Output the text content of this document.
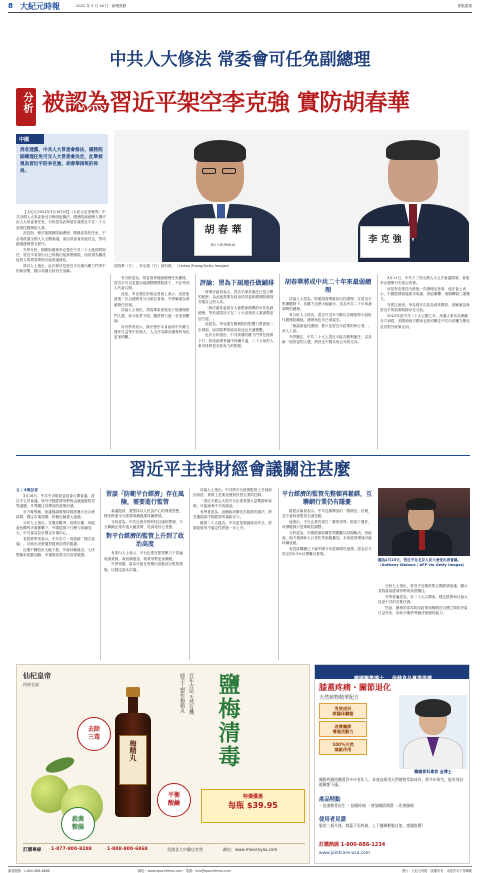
8 大紀元時報	2022 年 3 月 16 日 · 新聞焦點	焦點透視
中共人大修法 常委會可任免副總理
分析 被認為習近平架空李克強 實防胡春華
中國
消息透露，中共人大常委會修法，國務院副總理任免可交人大常委會決定，此舉被視為習近平防李克強、胡春華接班的佈局。
胡 春 華
HU CHUNHUA	李 克 強
胡春華（左）、李克強（右）資料照。（Lintao Zhang/Getty Images）

【大紀元2022年3月16日訊】（大紀元記者報導）中共全國人大常委會近日修改組織法，國務院副總理人選可由人大常委會任免，分析認為此舉意在讓習近平在二十大前掌控國務院人事。

消息指，修法後國務院副總理、國務委員的任免，不必再經過全國人大全體會議，而由常委會直接決定，等同繞過總理提名程序。

外界分析，國務院總理李克強在中共二十大後即將卸任，習近平希望由自己的親信接掌國務院，而被視為團派接班人的胡春華則可能被邊緣化。

時評人士指出，此次修法是習近平在黨內權力鬥爭中的新部署，顯示高層分歧仍在加劇。

有分析認為，常委會掌握副總理任免權後，習近平可以更靈活地調整國務院班子，不必等到人代會召開。

此前，李克強在兩會記者會上表示，這是他最後一次以總理身分出席記者會，外界解讀為明確卸任信號。

評論人士指出，胡春華原被視為下屆總理熱門人選，如今前景不明，團派勢力進一步受到壓縮。

另有學者表示，修法程序本身說明中共權力運作日益集中於個人，人大作為橡皮圖章的角色更加明顯。

評論：習為下屆連任做鋪排

時事評論員表示，習近平謀求連任已是公開的秘密，為此他需要在政治局常委和國務院層面安插自己的人馬。

「修法讓常委會在大會閉會期間即可任免副總理，等於讓習近平在二十大前後的人事調整更加方便。」

他認為，李克強在國務院的影響力將被進一步削弱，而胡春華的政治前途也充滿變數。

也有分析指出，中共高層的權力鬥爭在經濟下行、防疫政策爭議中持續升溫，二十大前的人事安排將是各派角力的焦點。

胡春華將成中共二十年來最弱總理

評論人士認為，即便胡春華最終出任總理，在習近平集權體制下，其權力也將大幅縮水，成為中共二十年來最弱勢的總理。

有分析人士指出，習近平近年不斷以各種領導小組取代國務院職能，總理角色早已被架空。

「無論誰接任總理，都只是習近平政策的執行者。」該人士說。

外界關注，中共二十大上習近平能否順利連任，以及新一屆常委的人選，將決定中國未來五年的走向。

3月11日，中共十三屆全國人大五次會議閉幕，會後李克強舉行年度記者會。

這是李克強任內最後一次總理記者會，他在會上表示，中國經濟面臨需求收縮、供給衝擊、預期轉弱三重壓力。

外界注意到，李克強多次談及改革開放，被解讀為與習近平的政策路線存在分歧。

2022年是中共二十大召開之年，高層人事布局牽動各方神經，美國和西方國家也密切關注中共內部權力變化及其對外政策走向。

習近平主持財經會議關注甚麼

文 / 本報記者

3月16日，中共中央財經委員會召開會議，習近平主持會議，研究中國經濟形勢與金融風險防控等議題，外界關注其釋放的政策信號。

官方報導稱，會議強調要保持經濟運行在合理區間，穩定市場預期，防範化解重大風險。

分析人士指出，在俄烏戰爭、疫情反覆、房地產危機等多重衝擊下，中國經濟下行壓力持續加大，中共當局急於穩定市場信心。

有經濟學者表示，中共官方一再強調「穩字當頭」，反映出決策層對經濟前景的擔憂。

近期中國股市大幅下挫，外資持續流出，人民幣匯率波動加劇，市場對政策走向高度敏感。

習談「防範平台經濟」存在風險，需要進行監管

會議提到，要堅持以人民為中心的發展思想，穩妥推進平台經濟規範健康持續發展。

分析認為，中共近兩年對科技巨頭的整頓，令互聯網企業市值大幅蒸發，投資者信心受挫。

對平台經濟的監管上升到了政治高度

有業內人士表示，平台企業在監管壓力下普遍收縮業務，裁員潮蔓延，就業形勢更加嚴峻。

外界預期，當局可能在短期內放鬆部分監管措施，以穩定資本市場。

評論人士指出，中共將平台經濟監管上升到政治高度，實際上是要加強對民營企業的控制。

「習近平擔心大型平台企業掌握大量數據和資源，可能威脅中共的統治。」

有學者認為，這種政治優先於經濟的做法，將長期損害中國經濟的創新活力。

隨著二十大臨近，中共更加強調政治安全，經濟政策的不確定性將進一步上升。

平台經濟的監管先整頓再鬆綁，互聯網行業仍有隱憂

財經評論員表示，中共近期釋放的「穩增長」信號，並不意味著監管全面放鬆。

他指出，平台企業仍需在「黨的領導」框架下運作，所謂鬆綁只是策略性調整。

分析認為，中國經濟結構性問題難以短期解決，房地產、地方債務和人口老化等風險疊加，未來經濟增速可能持續放緩。

有投資機構已下調中國今年經濟增長預測，認為官方設定的5.5%目標難以實現。

圖為2月25日，習近平在北京人民大會堂出席會議。（Anthony Wallace / AFP via Getty Images）

分析人士指出，習近平近期密集召開經濟會議，顯示其對當前經濟形勢的高度關注。

外界普遍認為，在二十大召開前，穩定經濟和社會大局是中共的首要任務。

然而，嚴格的清零防疫政策與穩增長目標之間的矛盾日益突出，如何平衡將考驗決策層的能力。

仙杞皇帝
梅樹老鋪
梅精丸
去除
三毒
殺菌
整腸
平衡
酸鹼
百年古法 天然有機
純手工製作梅精丸	鹽梅清毒
特價優惠
每瓶 $39.95
訂購專線 1-877-800-8288	1-888-800-6868	美國各大中藥店有售	網站：www.meisenyao.com
韓國醫學博士 保健食品專業推薦
膝蓋疼痛・關節退化
天然植物精華配方
有效成份
經臨床驗證
改善關節
增進活動力
100%天然
無副作用
韓國骨科專家 金博士
關節疼痛困擾著許多中老年人，本產品採用天然植物萃取成份，經多年研究，能有效舒緩關節不適。
產品特點
・促進軟骨再生 ・舒緩疼痛 ・增加關節潤滑 ・改善僵硬
使用者見證
服用三個月後，膝蓋不再疼痛，上下樓梯輕鬆自如，感謝推薦！
訂購熱線 1-800-888-1234
www.jointcare-usa.com
讀者服務：1-800-888-8888	網址：www.epochtimes.com　電郵：info@epochtimes.com	發行：大紀元時報　版權所有　未經許可不得轉載
